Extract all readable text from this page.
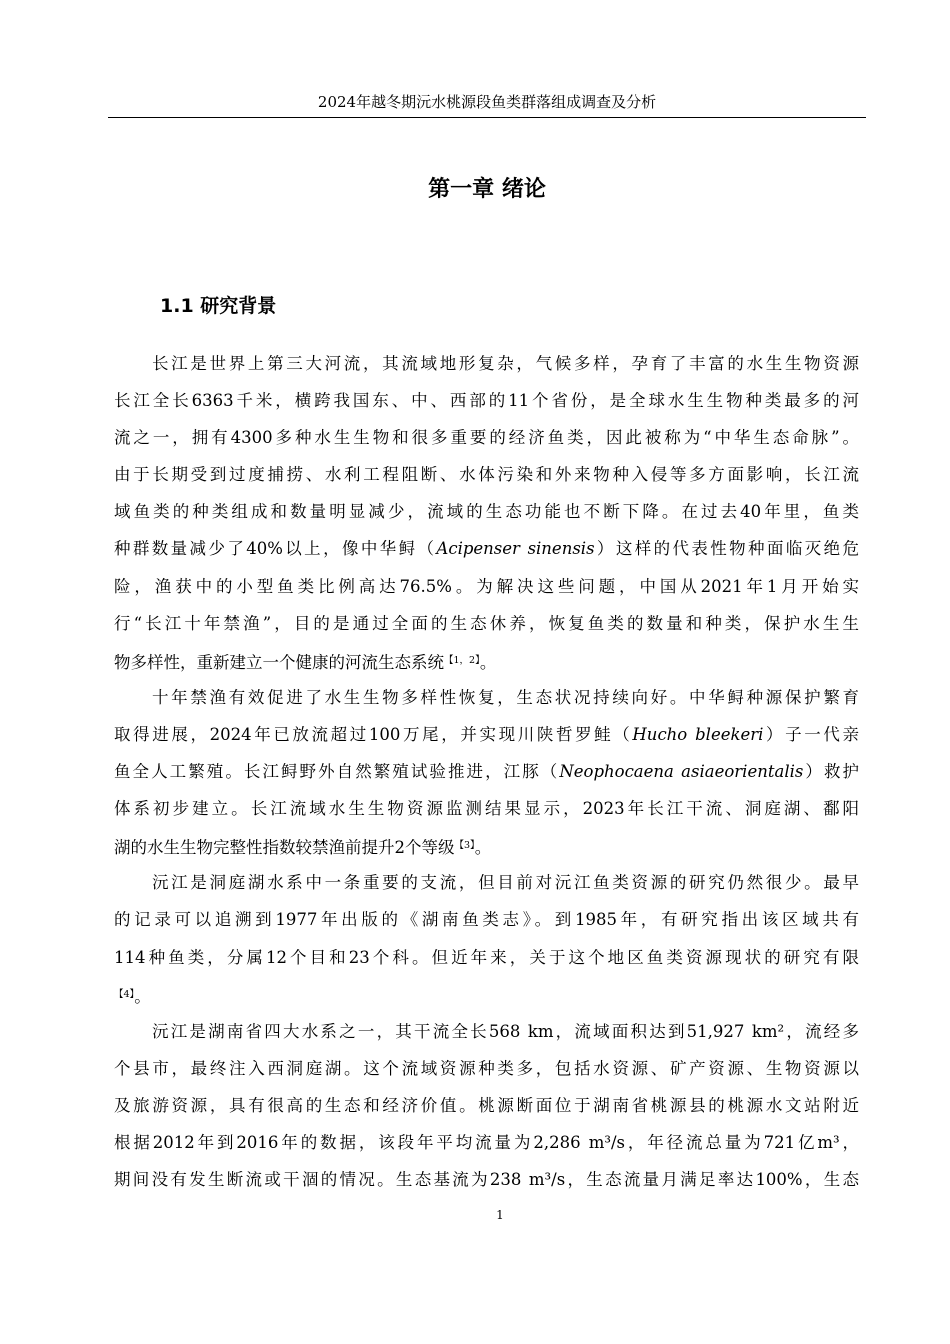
2024年越冬期沅水桃源段鱼类群落组成调查及分析
第一章 绪论
1.1 研究背景
长江是世界上第三大河流，其流域地形复杂，气候多样，孕育了丰富的水生生物资源
长江全长6363千米，横跨我国东、中、西部的11个省份，是全球水生生物种类最多的河
流之一，拥有4300多种水生生物和很多重要的经济鱼类，因此被称为“中华生态命脉”。
由于长期受到过度捕捞、水利工程阻断、水体污染和外来物种入侵等多方面影响，长江流
域鱼类的种类组成和数量明显减少，流域的生态功能也不断下降。在过去40年里，鱼类
种群数量减少了40%以上，像中华鲟（Acipenser sinensis）这样的代表性物种面临灭绝危
险，渔获中的小型鱼类比例高达76.5%。为解决这些问题，中国从2021年1月开始实
行“长江十年禁渔”，目的是通过全面的生态休养，恢复鱼类的数量和种类，保护水生生
物多样性，重新建立一个健康的河流生态系统$^{【1,2】}$。
十年禁渔有效促进了水生生物多样性恢复，生态状况持续向好。中华鲟种源保护繁育
取得进展，2024年已放流超过100万尾，并实现川陕哲罗鲑（Hucho bleekeri）子一代亲
鱼全人工繁殖。长江鲟野外自然繁殖试验推进，江豚（Neophocaena asiaeorientalis）救护
体系初步建立。长江流域水生生物资源监测结果显示，2023年长江干流、洞庭湖、鄱阳
湖的水生生物完整性指数较禁渔前提升2个等级$^{【3】}$。
沅江是洞庭湖水系中一条重要的支流，但目前对沅江鱼类资源的研究仍然很少。最早
的记录可以追溯到1977年出版的《湖南鱼类志》。到1985年，有研究指出该区域共有
114种鱼类，分属12个目和23个科。但近年来，关于这个地区鱼类资源现状的研究有限
$^{【4】}$。
沅江是湖南省四大水系之一，其干流全长568 km，流域面积达到51,927 km²，流经多
个县市，最终注入西洞庭湖。这个流域资源种类多，包括水资源、矿产资源、生物资源以
及旅游资源，具有很高的生态和经济价值。桃源断面位于湖南省桃源县的桃源水文站附近
根据2012年到2016年的数据，该段年平均流量为2,286 m³/s，年径流总量为721亿m³，
期间没有发生断流或干涸的情况。生态基流为238 m³/s，生态流量月满足率达100%，生态
1
